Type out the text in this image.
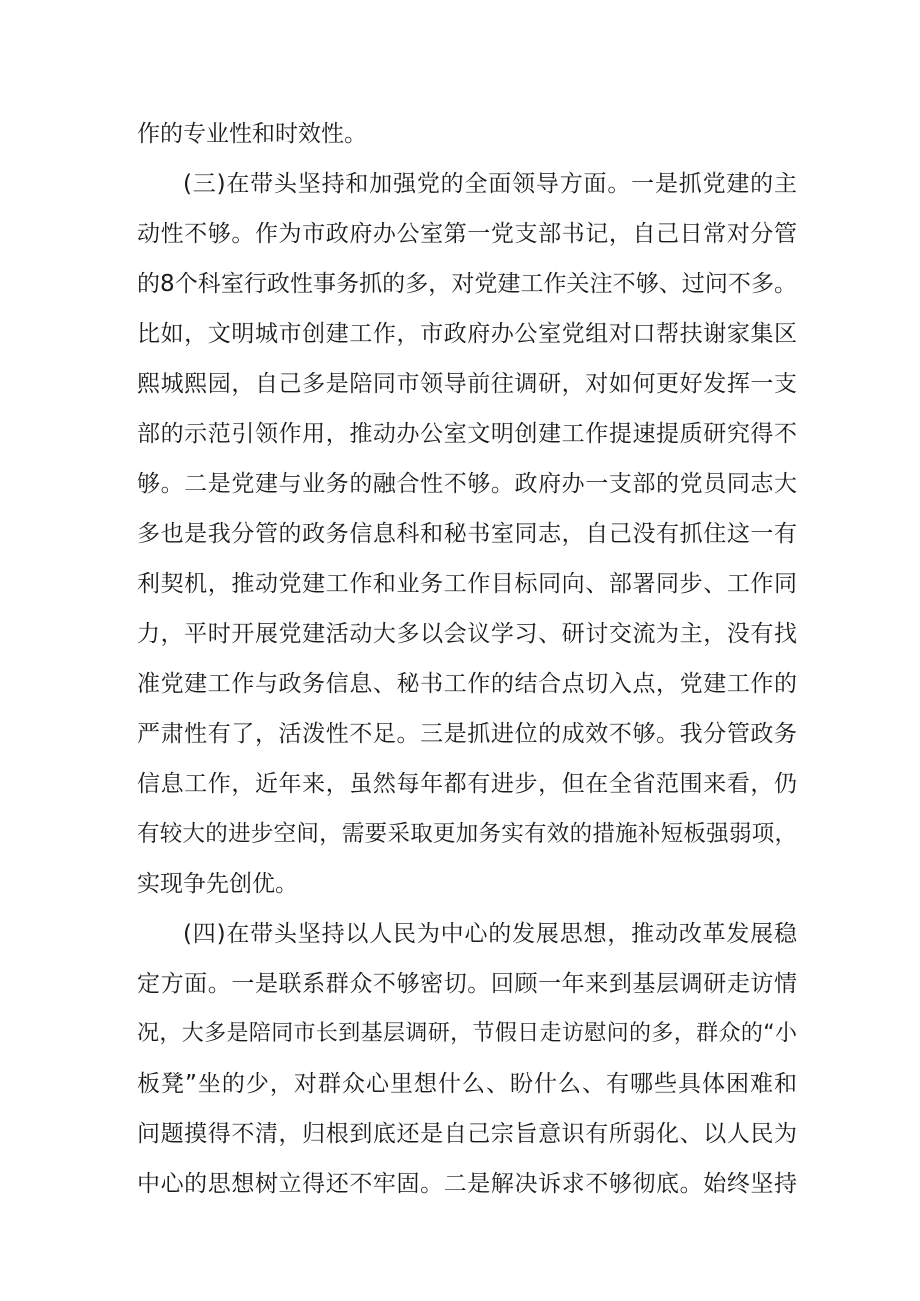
作的专业性和时效性。
(三)在带头坚持和加强党的全面领导方面。一是抓党建的主
动性不够。作为市政府办公室第一党支部书记，自己日常对分管
的8个科室行政性事务抓的多，对党建工作关注不够、过问不多。
比如，文明城市创建工作，市政府办公室党组对口帮扶谢家集区
熙城熙园，自己多是陪同市领导前往调研，对如何更好发挥一支
部的示范引领作用，推动办公室文明创建工作提速提质研究得不
够。二是党建与业务的融合性不够。政府办一支部的党员同志大
多也是我分管的政务信息科和秘书室同志，自己没有抓住这一有
利契机，推动党建工作和业务工作目标同向、部署同步、工作同
力，平时开展党建活动大多以会议学习、研讨交流为主，没有找
准党建工作与政务信息、秘书工作的结合点切入点，党建工作的
严肃性有了，活泼性不足。三是抓进位的成效不够。我分管政务
信息工作，近年来，虽然每年都有进步，但在全省范围来看，仍
有较大的进步空间，需要采取更加务实有效的措施补短板强弱项，
实现争先创优。
(四)在带头坚持以人民为中心的发展思想，推动改革发展稳
定方面。一是联系群众不够密切。回顾一年来到基层调研走访情
况，大多是陪同市长到基层调研，节假日走访慰问的多，群众的“小
板凳”坐的少，对群众心里想什么、盼什么、有哪些具体困难和
问题摸得不清，归根到底还是自己宗旨意识有所弱化、以人民为
中心的思想树立得还不牢固。二是解决诉求不够彻底。始终坚持
